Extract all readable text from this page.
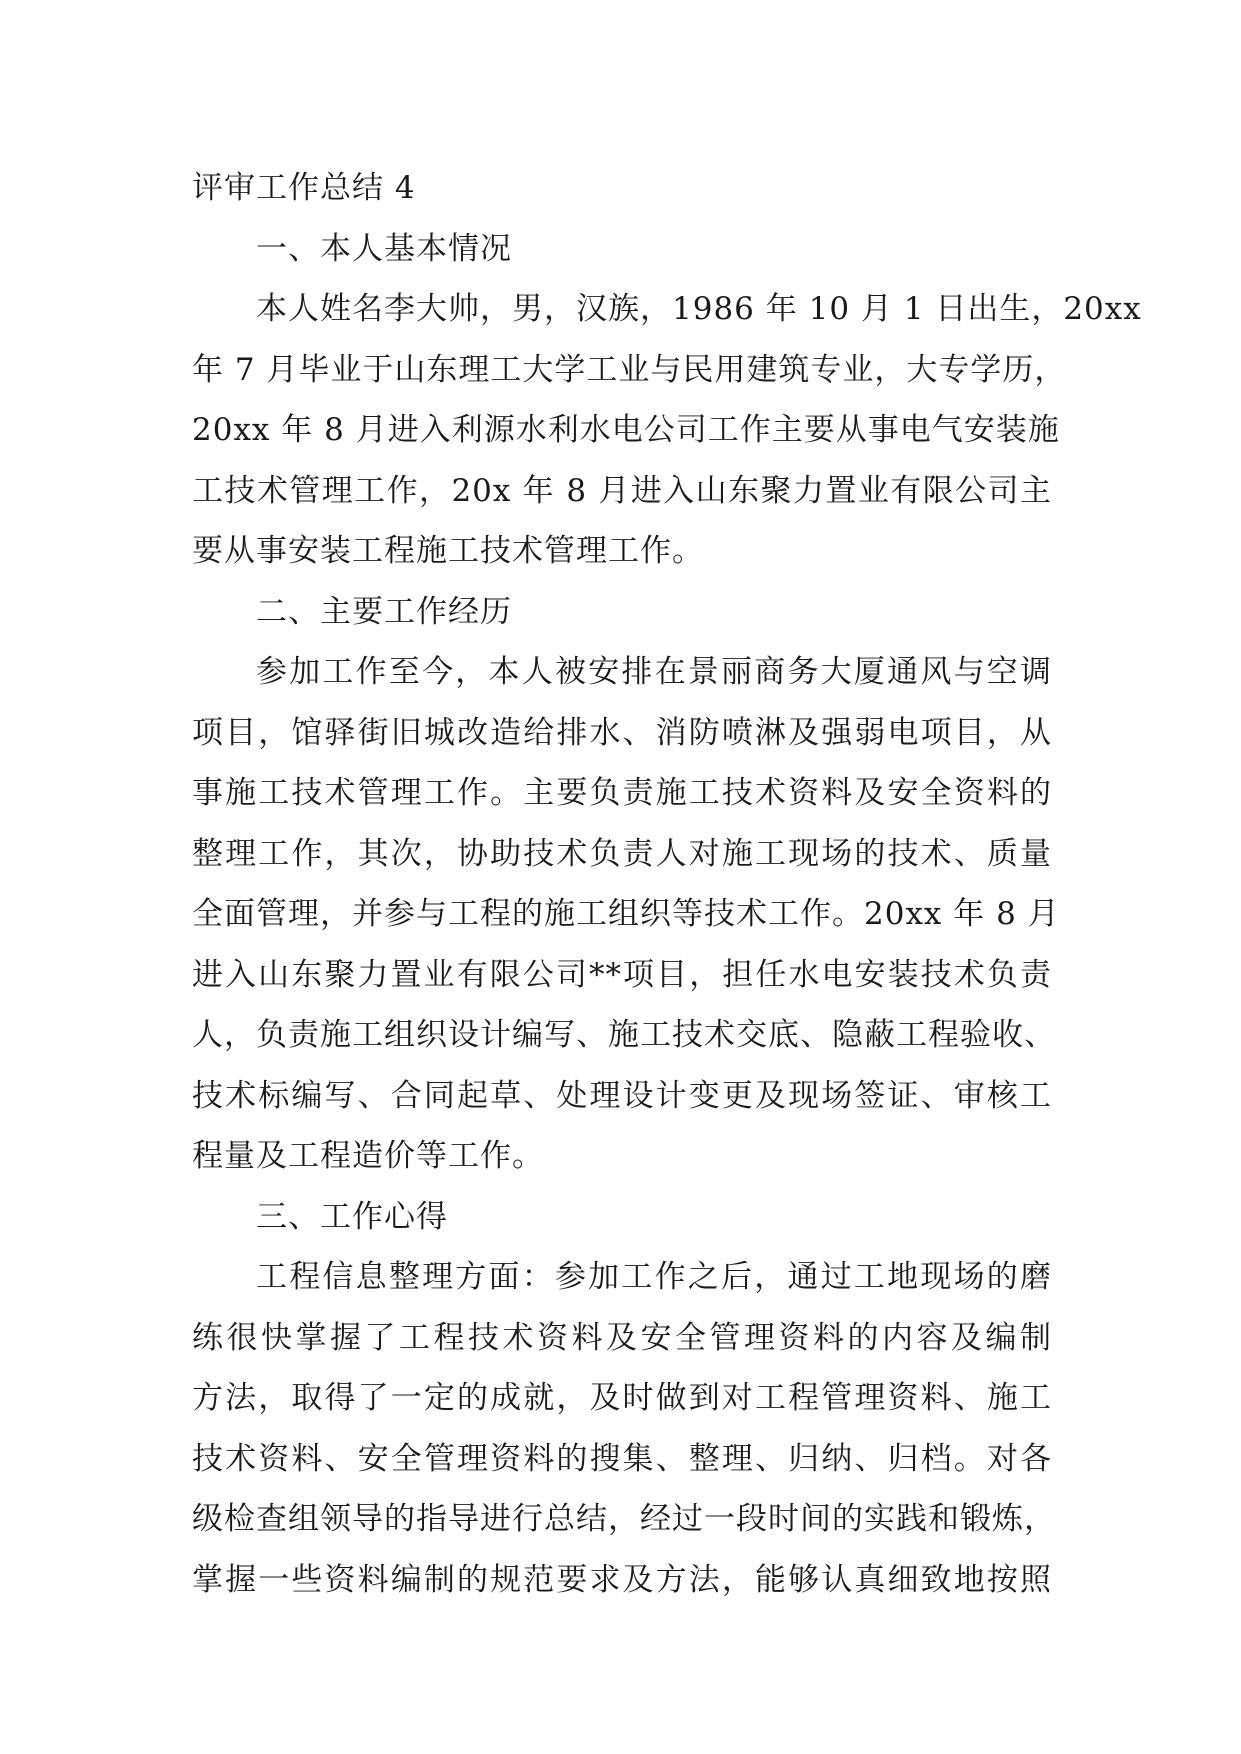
评审工作总结 4
一、本人基本情况
本人姓名李大帅，男，汉族，1986 年 10 月 1 日出生，20xx
年 7 月毕业于山东理工大学工业与民用建筑专业，大专学历，
20xx 年 8 月进入利源水利水电公司工作主要从事电气安装施
工技术管理工作，20x 年 8 月进入山东聚力置业有限公司主
要从事安装工程施工技术管理工作。
二、主要工作经历
参加工作至今，本人被安排在景丽商务大厦通风与空调
项目，馆驿街旧城改造给排水、消防喷淋及强弱电项目，从
事施工技术管理工作。主要负责施工技术资料及安全资料的
整理工作，其次，协助技术负责人对施工现场的技术、质量
全面管理，并参与工程的施工组织等技术工作。20xx 年 8 月
进入山东聚力置业有限公司**项目，担任水电安装技术负责
人，负责施工组织设计编写、施工技术交底、隐蔽工程验收、
技术标编写、合同起草、处理设计变更及现场签证、审核工
程量及工程造价等工作。
三、工作心得
工程信息整理方面：参加工作之后，通过工地现场的磨
练很快掌握了工程技术资料及安全管理资料的内容及编制
方法，取得了一定的成就，及时做到对工程管理资料、施工
技术资料、安全管理资料的搜集、整理、归纳、归档。对各
级检查组领导的指导进行总结，经过一段时间的实践和锻炼，
掌握一些资料编制的规范要求及方法，能够认真细致地按照
